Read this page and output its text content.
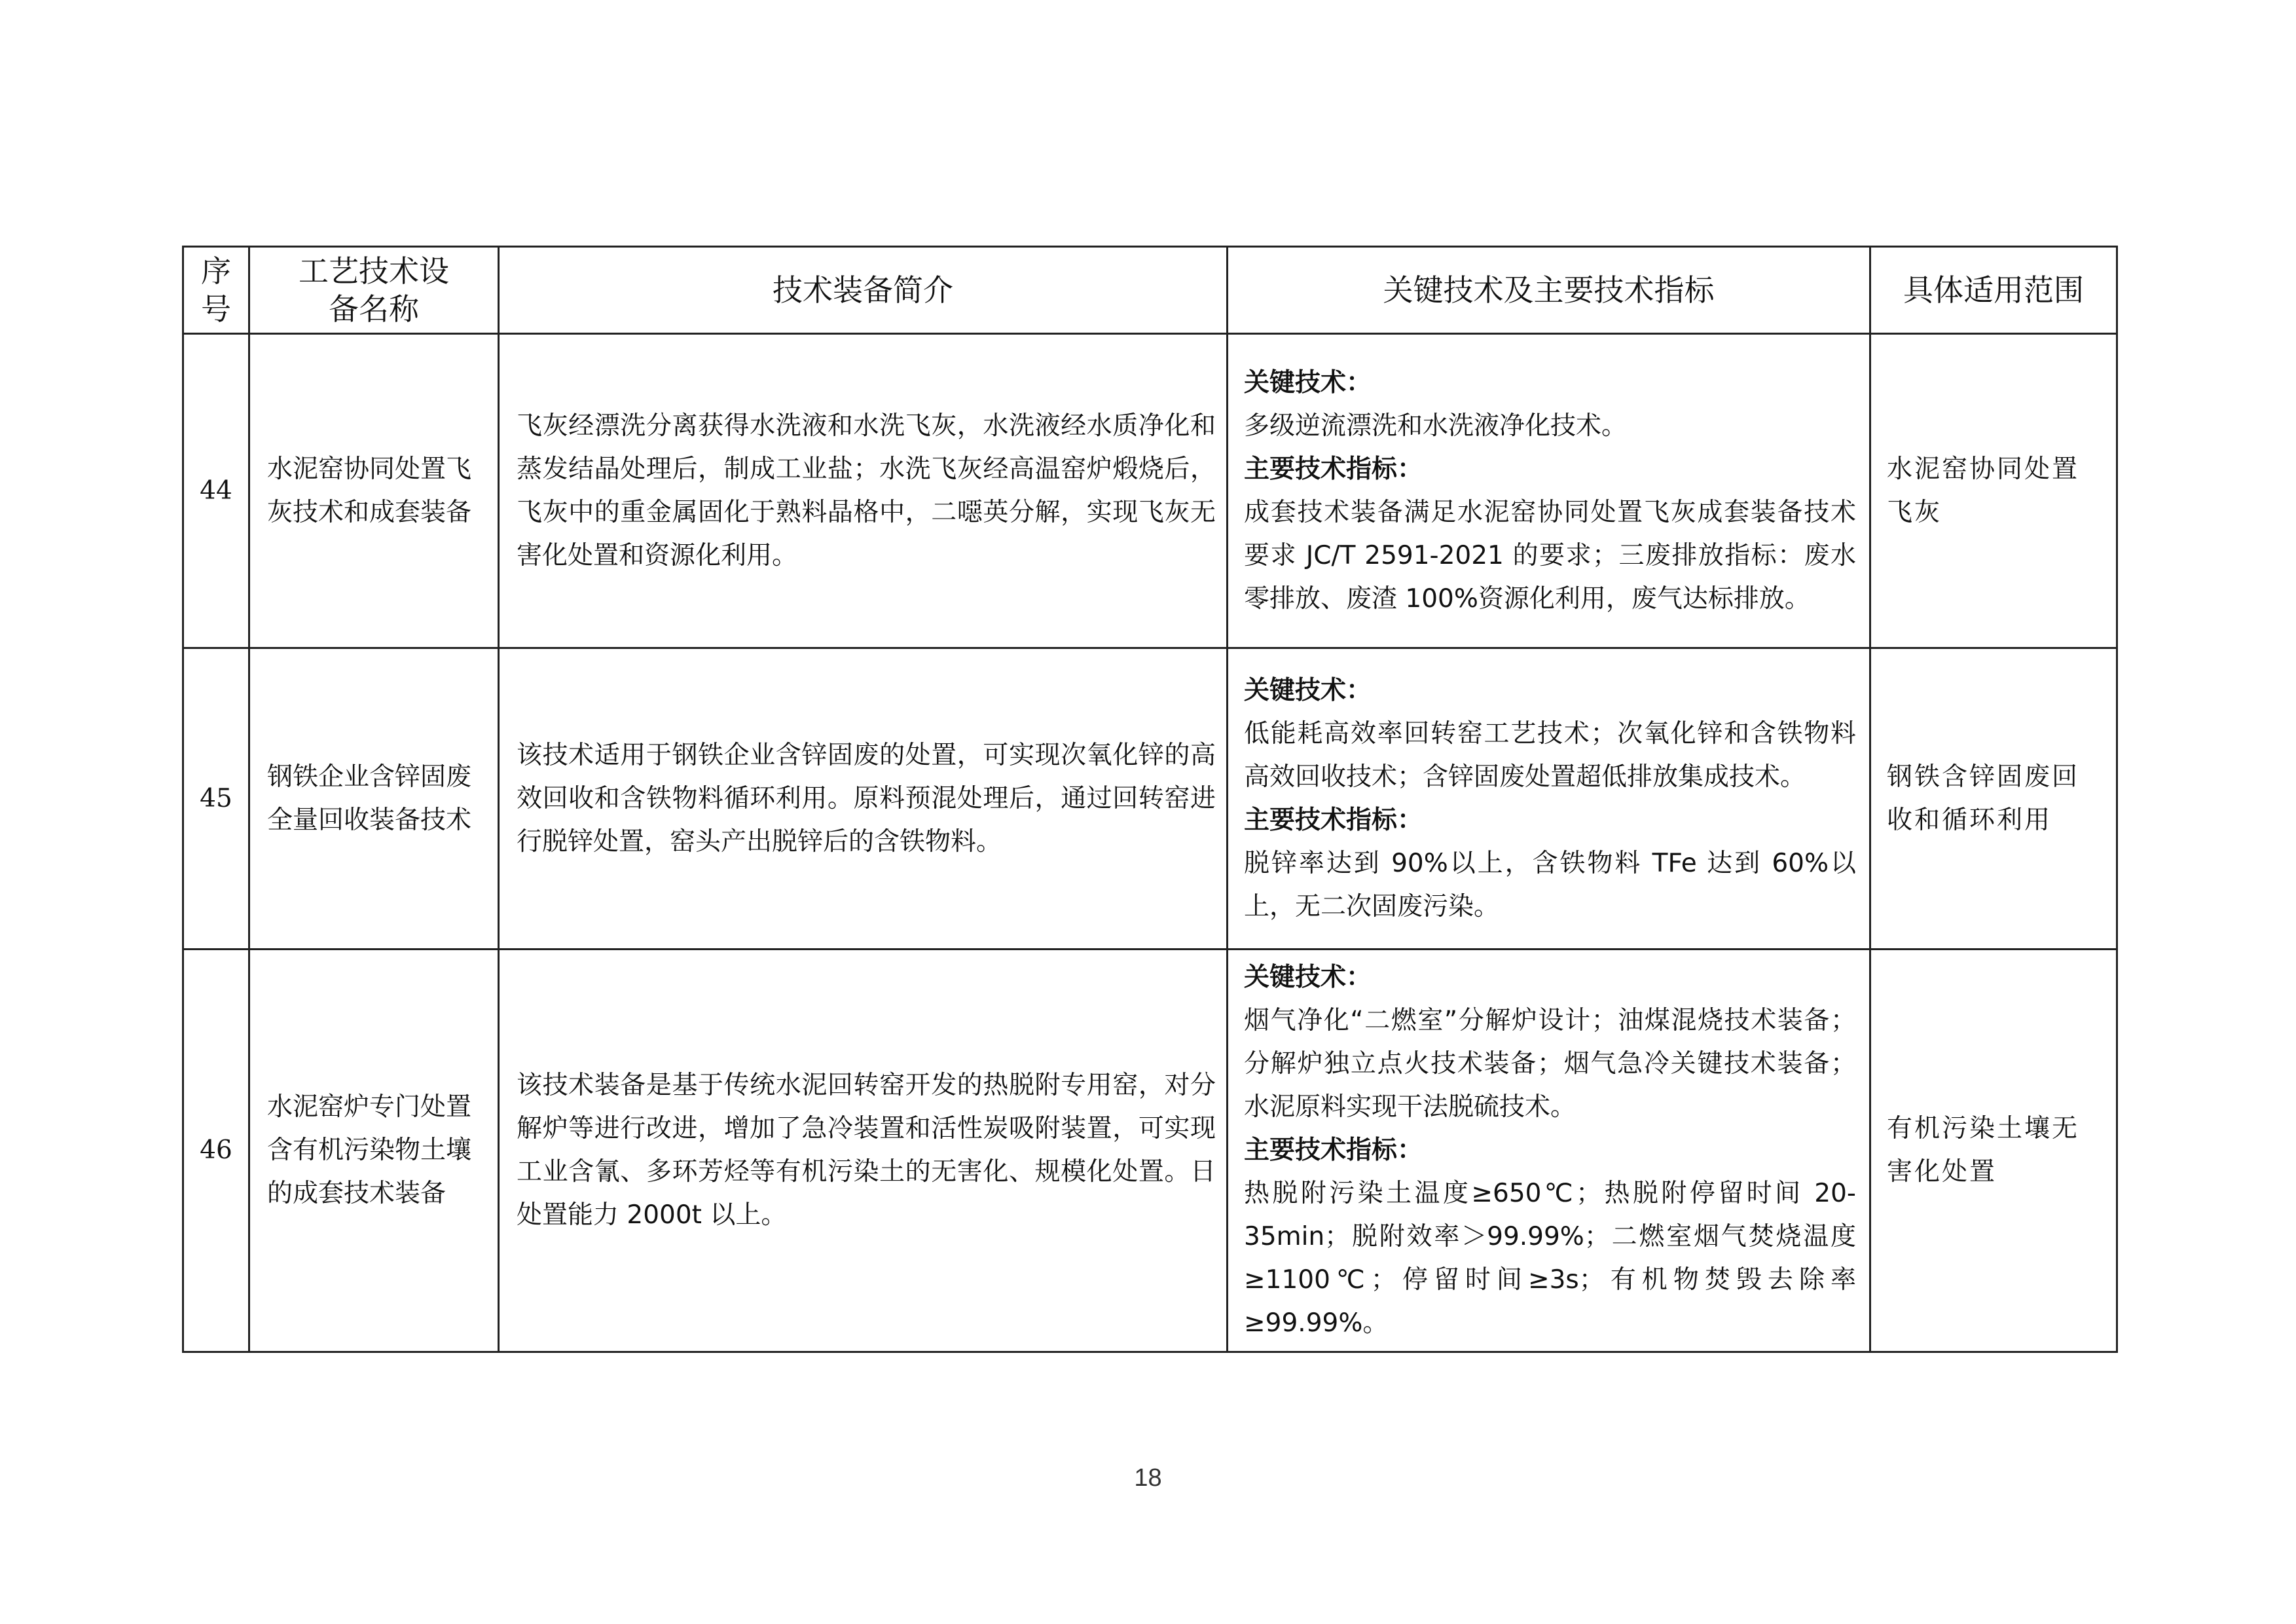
序号	工艺技术设备名称	技术装备简介	关键技术及主要技术指标	具体适用范围
44	水泥窑协同处置飞灰技术和成套装备	飞灰经漂洗分离获得水洗液和水洗飞灰，水洗液经水质净化和蒸发结晶处理后，制成工业盐；水洗飞灰经高温窑炉煅烧后，飞灰中的重金属固化于熟料晶格中，二噁英分解，实现飞灰无害化处置和资源化利用。	关键技术：
多级逆流漂洗和水洗液净化技术。
主要技术指标：
成套技术装备满足水泥窑协同处置飞灰成套装备技术要求 JC/T 2591-2021 的要求；三废排放指标：废水零排放、废渣 100%资源化利用，废气达标排放。	水泥窑协同处置飞灰
45	钢铁企业含锌固废全量回收装备技术	该技术适用于钢铁企业含锌固废的处置，可实现次氧化锌的高效回收和含铁物料循环利用。原料预混处理后，通过回转窑进行脱锌处置，窑头产出脱锌后的含铁物料。	关键技术：
低能耗高效率回转窑工艺技术；次氧化锌和含铁物料高效回收技术；含锌固废处置超低排放集成技术。
主要技术指标：
脱锌率达到 90%以上，含铁物料 TFe 达到 60%以上，无二次固废污染。	钢铁含锌固废回收和循环利用
46	水泥窑炉专门处置含有机污染物土壤的成套技术装备	该技术装备是基于传统水泥回转窑开发的热脱附专用窑，对分解炉等进行改进，增加了急冷装置和活性炭吸附装置，可实现工业含氰、多环芳烃等有机污染土的无害化、规模化处置。日处置能力 2000t 以上。	关键技术：
烟气净化“二燃室”分解炉设计；油煤混烧技术装备；分解炉独立点火技术装备；烟气急冷关键技术装备；水泥原料实现干法脱硫技术。
主要技术指标：
热脱附污染土温度≥650℃；热脱附停留时间 20-35min；脱附效率＞99.99%；二燃室烟气焚烧温度≥1100℃；停留时间≥3s；有机物焚毁去除率≥99.99%。	有机污染土壤无害化处置
18
